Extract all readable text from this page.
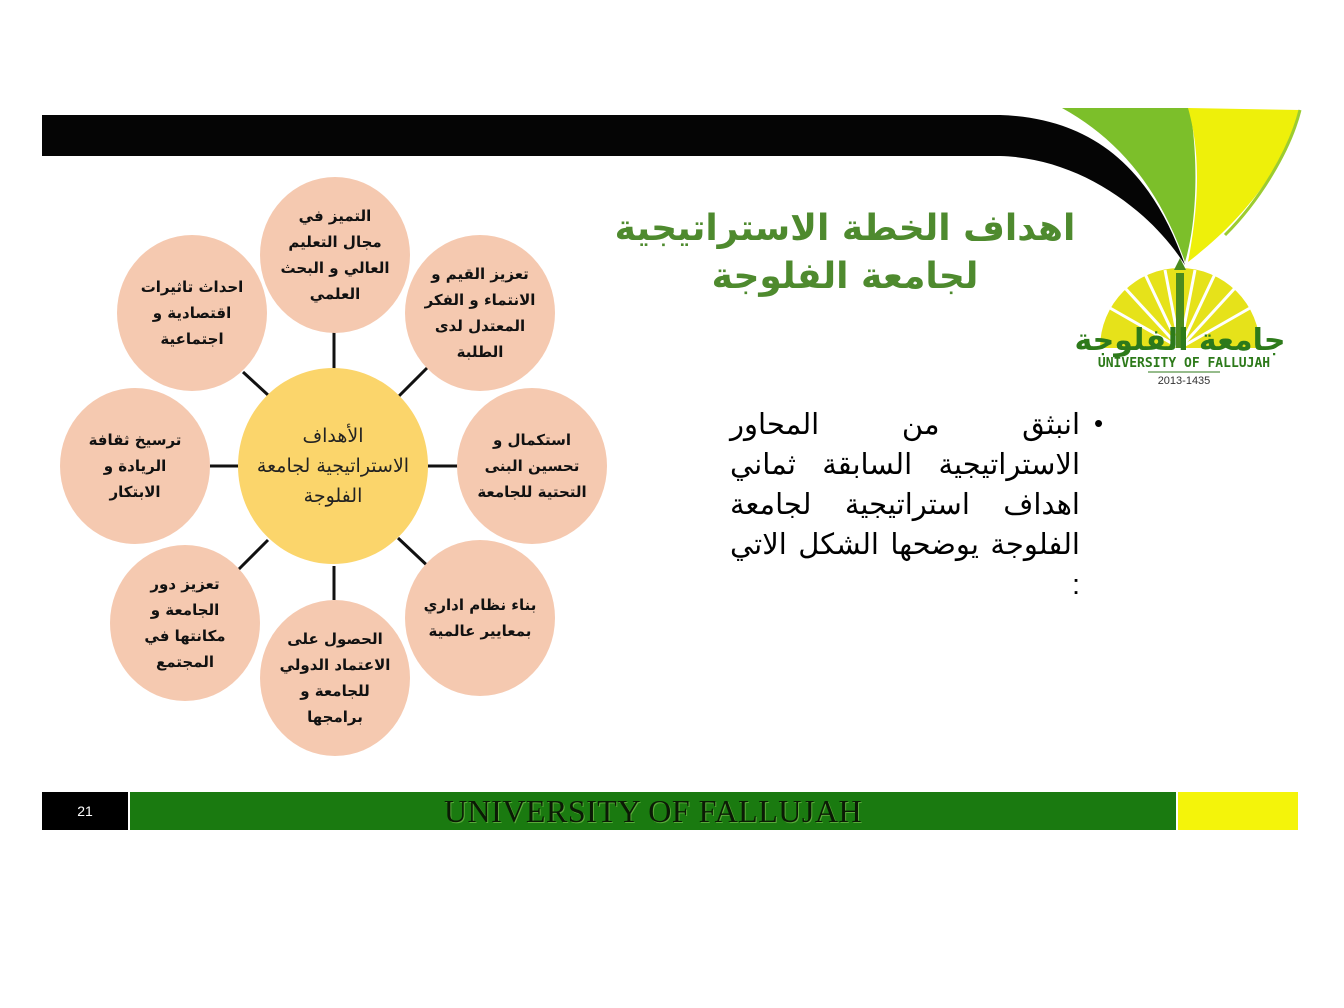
جامعة الفلوجة
UNIVERSITY OF FALLUJAH
2013-1435
اهداف الخطة الاستراتيجية
لجامعة الفلوجة
•
انبثق من المحاور الاستراتيجية السابقة ثماني اهداف استراتيجية لجامعة الفلوجة يوضحها الشكل الاتي :
الأهداف الاستراتيجية لجامعة الفلوجة
التميز في مجال التعليم العالي و البحث العلمي
تعزيز القيم و الانتماء و الفكر المعتدل لدى الطلبة
استكمال و تحسين البنى التحتية للجامعة
بناء نظام اداري بمعايير عالمية
الحصول على الاعتماد الدولي للجامعة و برامجها
تعزيز دور الجامعة و مكانتها في المجتمع
ترسيخ ثقافة الريادة و الابتكار
احداث تاثيرات اقتصادية و اجتماعية
21	UNIVERSITY OF FALLUJAH
